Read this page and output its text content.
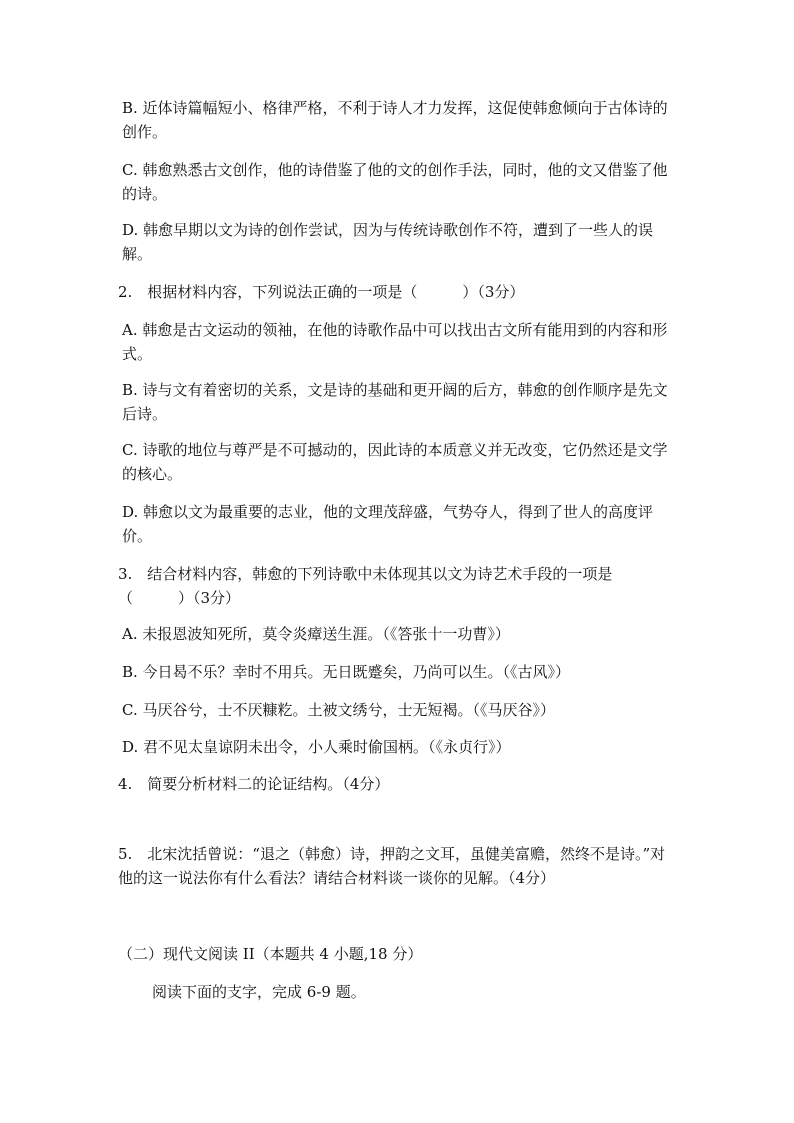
B. 近体诗篇幅短小、格律严格，不利于诗人才力发挥，这促使韩愈倾向于古体诗的创作。

C. 韩愈熟悉古文创作，他的诗借鉴了他的文的创作手法，同时，他的文又借鉴了他的诗。

D. 韩愈早期以文为诗的创作尝试，因为与传统诗歌创作不符，遭到了一些人的误解。

2.　根据材料内容，下列说法正确的一项是（　　　）（3分）

A. 韩愈是古文运动的领袖，在他的诗歌作品中可以找出古文所有能用到的内容和形式。

B. 诗与文有着密切的关系，文是诗的基础和更开阔的后方，韩愈的创作顺序是先文后诗。

C. 诗歌的地位与尊严是不可撼动的，因此诗的本质意义并无改变，它仍然还是文学的核心。

D. 韩愈以文为最重要的志业，他的文理茂辞盛，气势夺人，得到了世人的高度评价。

3.　结合材料内容，韩愈的下列诗歌中未体现其以文为诗艺术手段的一项是（　　　）（3分）

A. 未报恩波知死所，莫令炎瘴送生涯。（《答张十一功曹》）

B. 今日曷不乐？幸时不用兵。无日既蹙矣，乃尚可以生。（《古风》）

C. 马厌谷兮，士不厌糠籺。土被文绣兮，士无短褐。（《马厌谷》）

D. 君不见太皇谅阴未出令，小人乘时偷国柄。（《永贞行》）

4.　简要分析材料二的论证结构。（4分）

5.　北宋沈括曾说：“退之（韩愈）诗，押韵之文耳，虽健美富赡，然终不是诗。”对他的这一说法你有什么看法？请结合材料谈一谈你的见解。（4分）

（二）现代文阅读 II（本题共 4 小题,18 分）

阅读下面的支字，完成 6-9 题。
